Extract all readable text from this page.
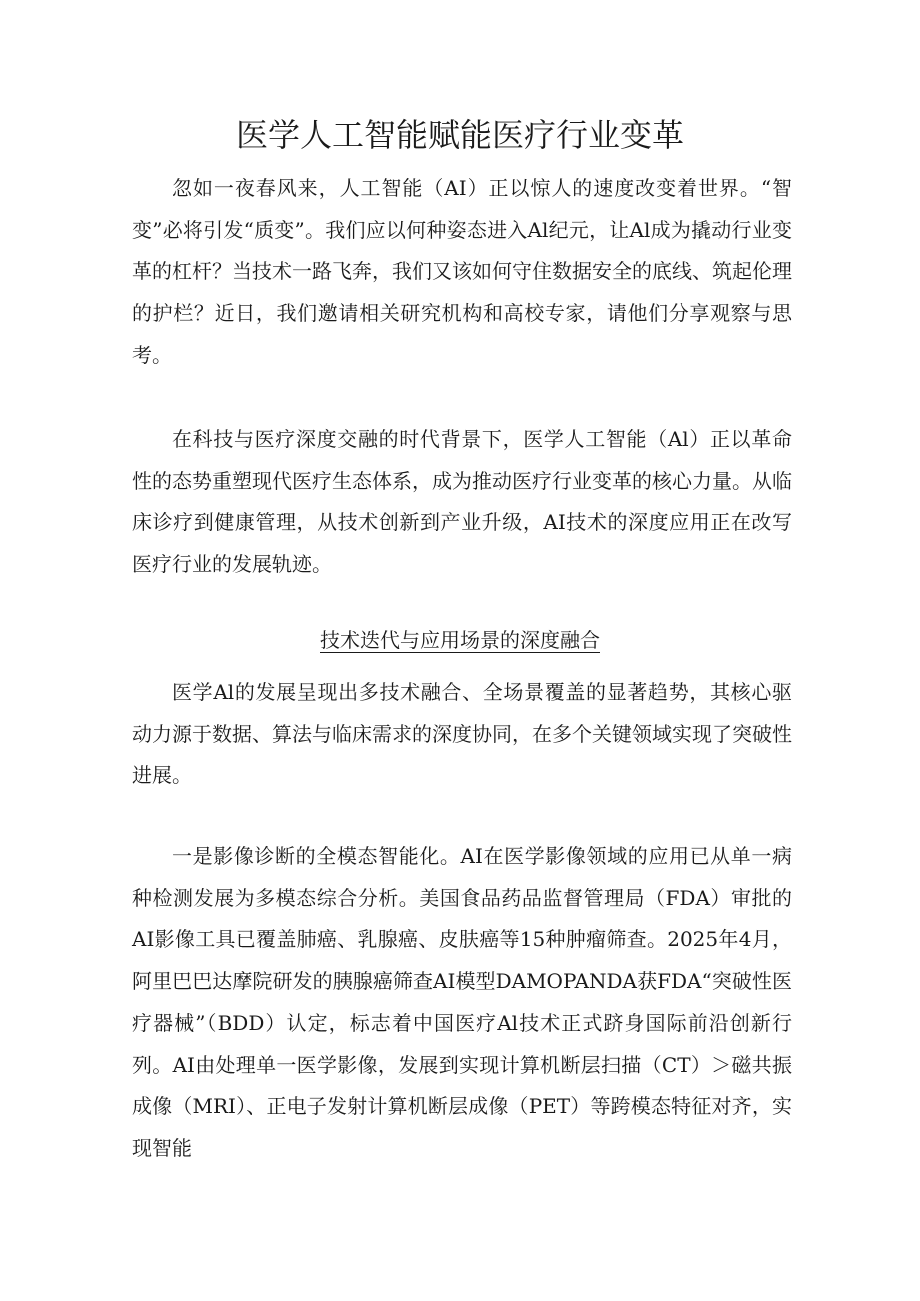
医学人工智能赋能医疗行业变革

忽如一夜春风来，人工智能（AI）正以惊人的速度改变着世界。“智变”必将引发“质变”。我们应以何种姿态进入Al纪元，让Al成为撬动行业变革的杠杆？当技术一路飞奔，我们又该如何守住数据安全的底线、筑起伦理的护栏？近日，我们邀请相关研究机构和高校专家，请他们分享观察与思考。

在科技与医疗深度交融的时代背景下，医学人工智能（Al）正以革命性的态势重塑现代医疗生态体系，成为推动医疗行业变革的核心力量。从临床诊疗到健康管理，从技术创新到产业升级，AI技术的深度应用正在改写医疗行业的发展轨迹。

技术迭代与应用场景的深度融合

医学Al的发展呈现出多技术融合、全场景覆盖的显著趋势，其核心驱动力源于数据、算法与临床需求的深度协同，在多个关键领域实现了突破性进展。

一是影像诊断的全模态智能化。AI在医学影像领域的应用已从单一病种检测发展为多模态综合分析。美国食品药品监督管理局（FDA）审批的AI影像工具已覆盖肺癌、乳腺癌、皮肤癌等15种肿瘤筛查。2025年4月，阿里巴巴达摩院研发的胰腺癌筛查AI模型DAMOPANDA获FDA“突破性医疗器械”（BDD）认定，标志着中国医疗Al技术正式跻身国际前沿创新行列。AI由处理单一医学影像，发展到实现计算机断层扫描（CT）＞磁共振成像（MRI）、正电子发射计算机断层成像（PET）等跨模态特征对齐，实现智能
